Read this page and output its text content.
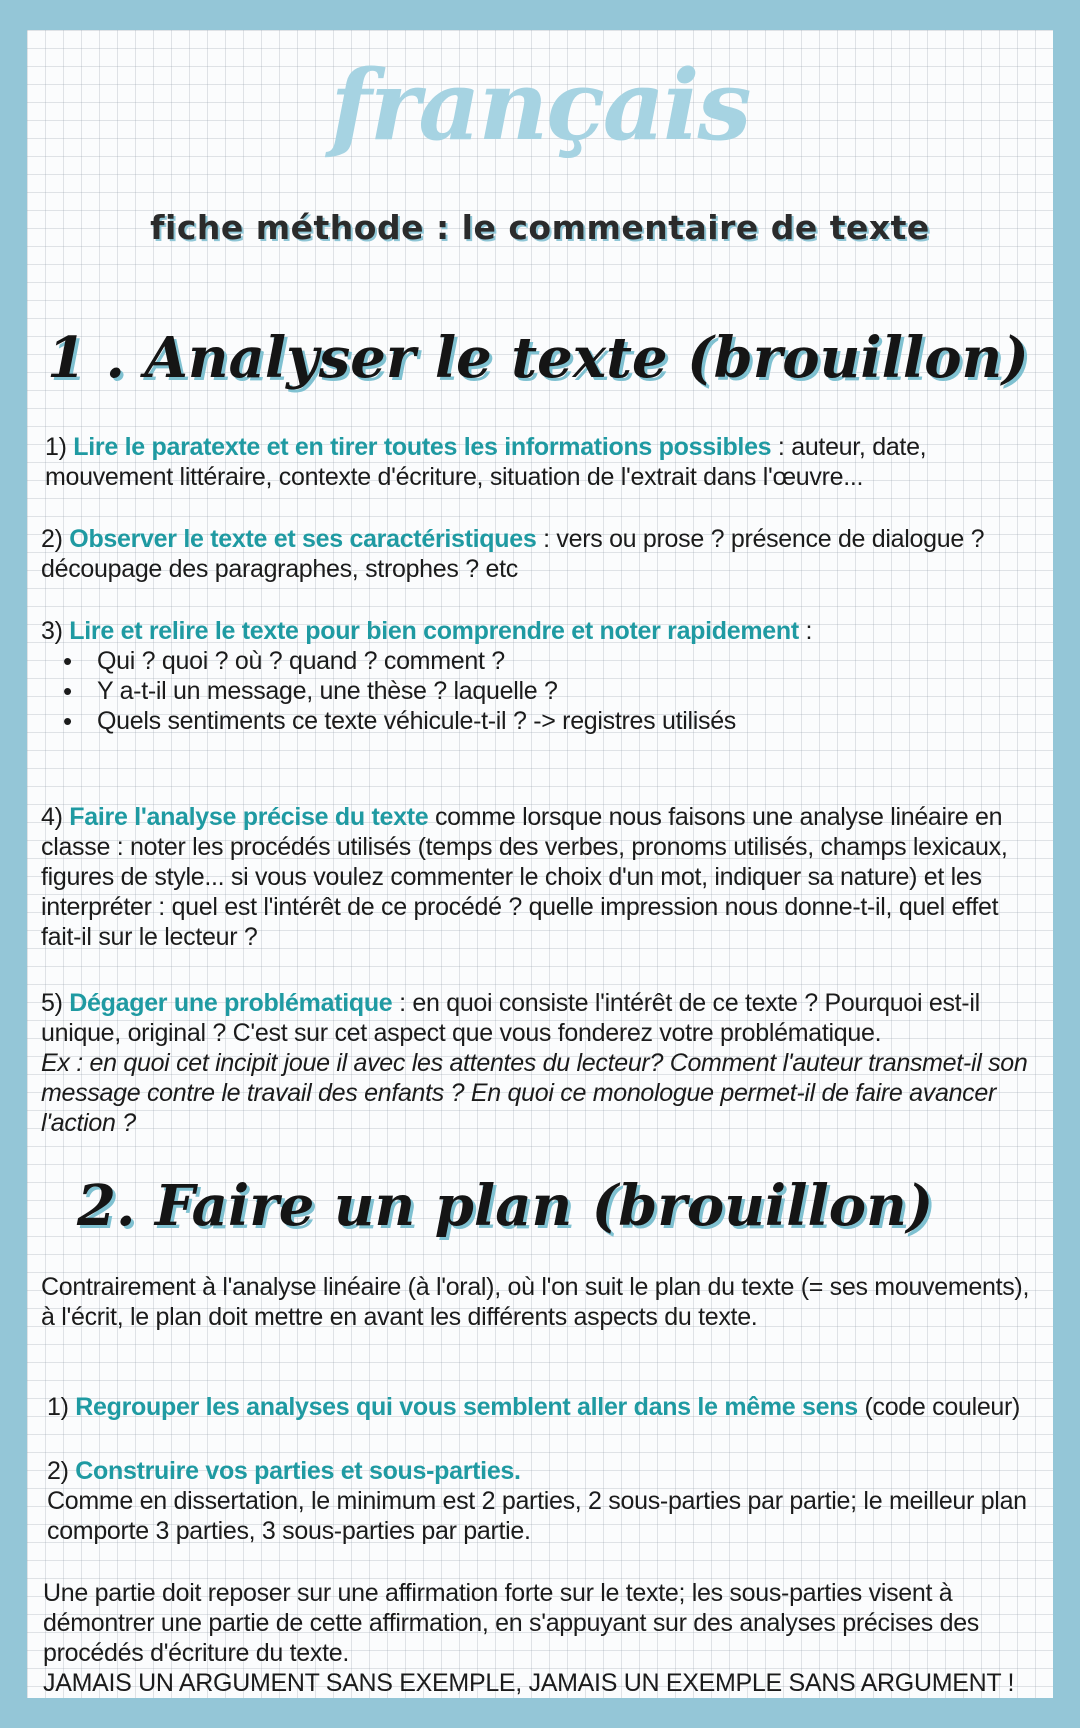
français
fiche méthode : le commentaire de texte
1 . Analyser le texte (brouillon)

1) Lire le paratexte et en tirer toutes les informations possibles : auteur, date, mouvement littéraire, contexte d'écriture, situation de l'extrait dans l'œuvre...

2) Observer le texte et ses caractéristiques : vers ou prose ? présence de dialogue ? découpage des paragraphes, strophes ? etc

3) Lire et relire le texte pour bien comprendre et noter rapidement :

• Qui ? quoi ? où ? quand ? comment ?
• Y a-t-il un message, une thèse ? laquelle ?
• Quels sentiments ce texte véhicule-t-il ? -> registres utilisés

4) Faire l'analyse précise du texte comme lorsque nous faisons une analyse linéaire en classe : noter les procédés utilisés (temps des verbes, pronoms utilisés, champs lexicaux, figures de style... si vous voulez commenter le choix d'un mot, indiquer sa nature) et les interpréter : quel est l'intérêt de ce procédé ? quelle impression nous donne-t-il, quel effet fait-il sur le lecteur ?

5) Dégager une problématique : en quoi consiste l'intérêt de ce texte ? Pourquoi est-il unique, original ? C'est sur cet aspect que vous fonderez votre problématique.

Ex : en quoi cet incipit joue il avec les attentes du lecteur? Comment l'auteur transmet-il son message contre le travail des enfants ? En quoi ce monologue permet-il de faire avancer l'action ?

2. Faire un plan (brouillon)
Contrairement à l'analyse linéaire (à l'oral), où l'on suit le plan du texte (= ses mouvements), à l'écrit, le plan doit mettre en avant les différents aspects du texte.

1) Regrouper les analyses qui vous semblent aller dans le même sens (code couleur)

2) Construire vos parties et sous-parties.

Comme en dissertation, le minimum est 2 parties, 2 sous-parties par partie; le meilleur plan comporte 3 parties, 3 sous-parties par partie.

Une partie doit reposer sur une affirmation forte sur le texte; les sous-parties visent à démontrer une partie de cette affirmation, en s'appuyant sur des analyses précises des procédés d'écriture du texte.

JAMAIS UN ARGUMENT SANS EXEMPLE, JAMAIS UN EXEMPLE SANS ARGUMENT !
